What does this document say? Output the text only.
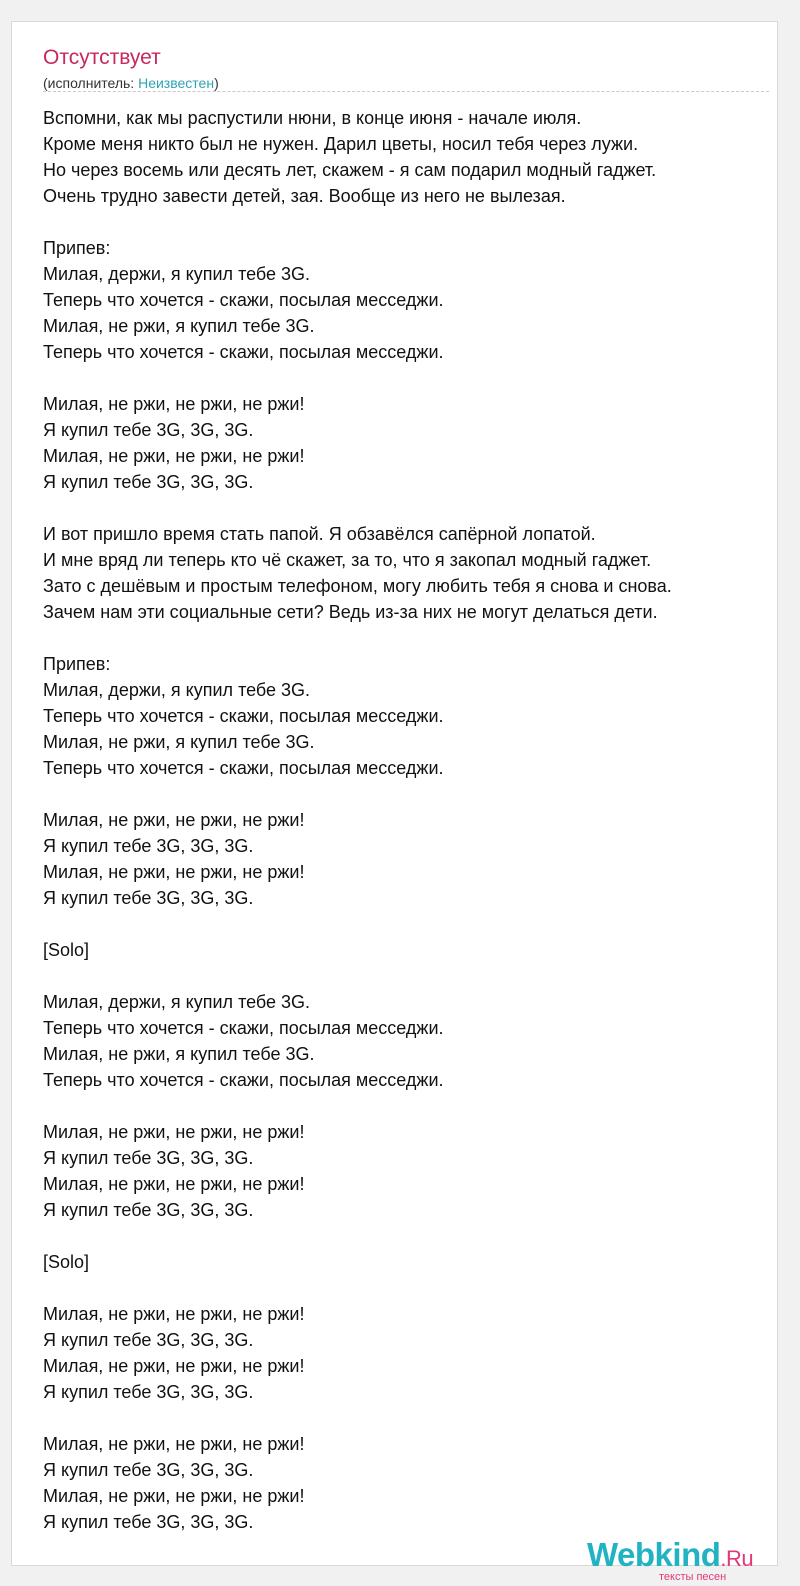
Отсутствует
(исполнитель: Неизвестен)
Вспомни, как мы распустили нюни, в конце июня - начале июля.
Кроме меня никто был не нужен. Дарил цветы, носил тебя через лужи.
Но через восемь или десять лет, скажем - я сам подарил модный гаджет.
Очень трудно завести детей, зая. Вообще из него не вылезая.
Припев:
Милая, держи, я купил тебе 3G.
Теперь что хочется - скажи, посылая месседжи.
Милая, не ржи, я купил тебе 3G.
Теперь что хочется - скажи, посылая месседжи.
Милая, не ржи, не ржи, не ржи!
Я купил тебе 3G, 3G, 3G.
Милая, не ржи, не ржи, не ржи!
Я купил тебе 3G, 3G, 3G.
И вот пришло время стать папой. Я обзавёлся сапёрной лопатой.
И мне вряд ли теперь кто чё скажет, за то, что я закопал модный гаджет.
Зато с дешёвым и простым телефоном, могу любить тебя я снова и снова.
Зачем нам эти социальные сети? Ведь из-за них не могут делаться дети.
Припев:
Милая, держи, я купил тебе 3G.
Теперь что хочется - скажи, посылая месседжи.
Милая, не ржи, я купил тебе 3G.
Теперь что хочется - скажи, посылая месседжи.
Милая, не ржи, не ржи, не ржи!
Я купил тебе 3G, 3G, 3G.
Милая, не ржи, не ржи, не ржи!
Я купил тебе 3G, 3G, 3G.
[Solo]
Милая, держи, я купил тебе 3G.
Теперь что хочется - скажи, посылая месседжи.
Милая, не ржи, я купил тебе 3G.
Теперь что хочется - скажи, посылая месседжи.
Милая, не ржи, не ржи, не ржи!
Я купил тебе 3G, 3G, 3G.
Милая, не ржи, не ржи, не ржи!
Я купил тебе 3G, 3G, 3G.
[Solo]
Милая, не ржи, не ржи, не ржи!
Я купил тебе 3G, 3G, 3G.
Милая, не ржи, не ржи, не ржи!
Я купил тебе 3G, 3G, 3G.
Милая, не ржи, не ржи, не ржи!
Я купил тебе 3G, 3G, 3G.
Милая, не ржи, не ржи, не ржи!
Я купил тебе 3G, 3G, 3G.
Webkind.Ru
тексты песен
